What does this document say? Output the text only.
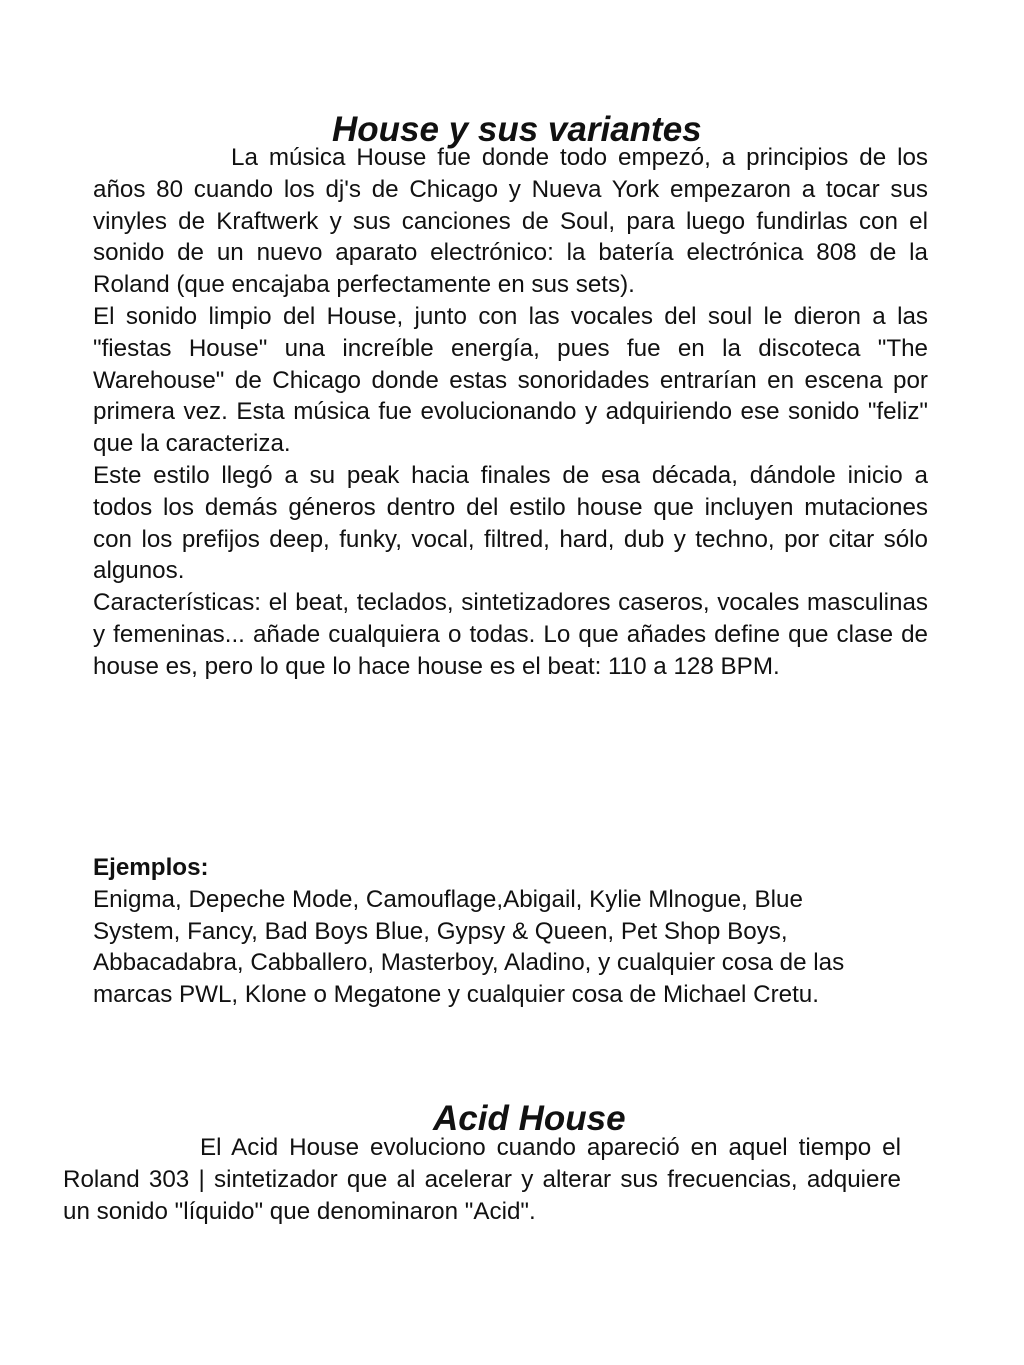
House y sus variantes

La música House fue donde todo empezó, a principios de los años 80 cuando los dj's de Chicago y Nueva York empezaron a tocar sus vinyles de Kraftwerk y sus canciones de Soul, para luego fundirlas con el sonido de un nuevo aparato electrónico: la batería electrónica 808 de la Roland (que encajaba perfectamente en sus sets).

El sonido limpio del House, junto con las vocales del soul le dieron a las "fiestas House" una increíble energía, pues fue en la discoteca "The Warehouse" de Chicago donde estas sonoridades entrarían en escena por primera vez. Esta música fue evolucionando y adquiriendo ese sonido "feliz" que la caracteriza.

Este estilo llegó a su peak hacia finales de esa década, dándole inicio a todos los demás géneros dentro del estilo house que incluyen mutaciones con los prefijos deep, funky, vocal, filtred, hard, dub y techno, por citar sólo algunos.

Características: el beat, teclados, sintetizadores caseros, vocales masculinas y femeninas... añade cualquiera o todas. Lo que añades define que clase de house es, pero lo que lo hace house es el beat: 110 a 128 BPM.

Ejemplos:

Enigma, Depeche Mode, Camouflage,Abigail, Kylie Mlnogue, Blue System, Fancy, Bad Boys Blue, Gypsy & Queen, Pet Shop Boys, Abbacadabra, Cabballero, Masterboy, Aladino, y cualquier cosa de las marcas PWL, Klone o Megatone y cualquier cosa de Michael Cretu.

Acid House

El Acid House evoluciono cuando apareció en aquel tiempo el Roland 303 | sintetizador que al acelerar y alterar sus frecuencias, adquiere un sonido "líquido" que denominaron "Acid".
